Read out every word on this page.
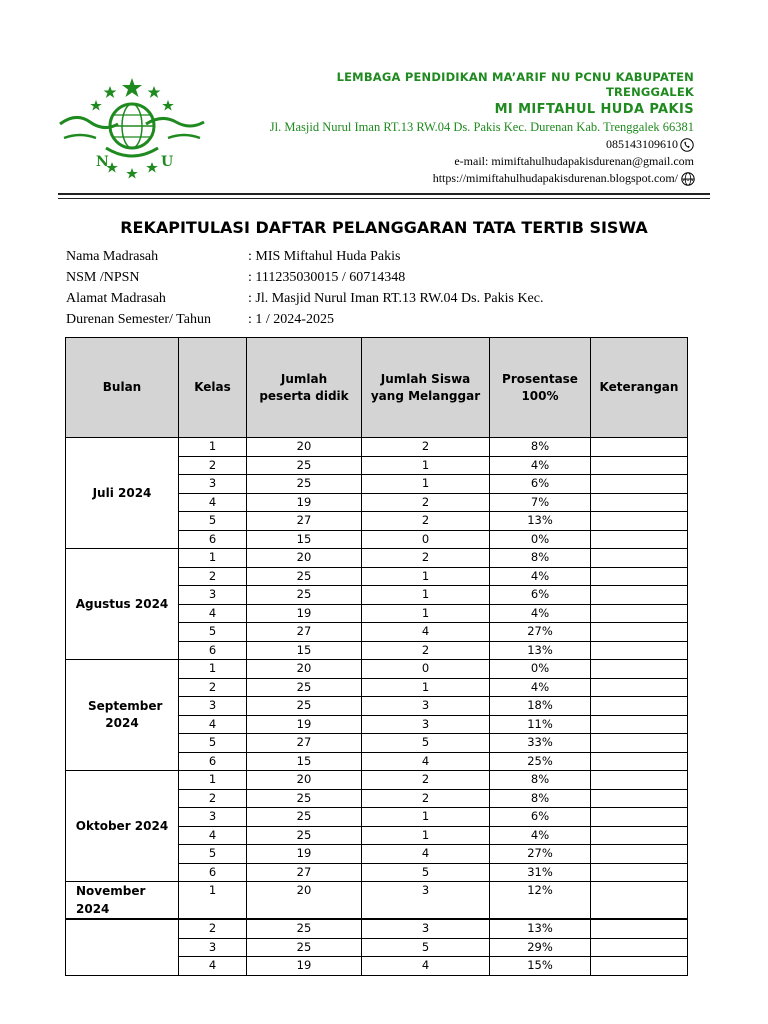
N	U
LEMBAGA PENDIDIKAN MA’ARIF NU PCNU KABUPATEN
TRENGGALEK
MI MIFTAHUL HUDA PAKIS
Jl. Masjid Nurul Iman RT.13 RW.04 Ds. Pakis Kec. Durenan Kab. Trenggalek 66381
085143109610
e-mail: mimiftahulhudapakisdurenan@gmail.com
https://mimiftahulhudapakisdurenan.blogspot.com/ www
REKAPITULASI DAFTAR PELANGGARAN TATA TERTIB SISWA
Nama Madrasah	: MIS Miftahul Huda Pakis
NSM /NPSN	: 111235030015 / 60714348
Alamat Madrasah	: Jl. Masjid Nurul Iman RT.13 RW.04 Ds. Pakis Kec.
Durenan Semester/ Tahun	: 1 / 2024-2025
Bulan	Kelas	Jumlah peserta didik	Jumlah Siswa yang Melanggar	Prosentase 100%	Keterangan
Juli 2024	1	20	2	8%	
	2	25	1	4%	
	3	25	1	6%	
	4	19	2	7%	
	5	27	2	13%	
	6	15	0	0%	
Agustus 2024	1	20	2	8%	
	2	25	1	4%	
	3	25	1	6%	
	4	19	1	4%	
	5	27	4	27%	
	6	15	2	13%	
September 2024	1	20	0	0%	
	2	25	1	4%	
	3	25	3	18%	
	4	19	3	11%	
	5	27	5	33%	
	6	15	4	25%	
Oktober 2024	1	20	2	8%	
	2	25	2	8%	
	3	25	1	6%	
	4	25	1	4%	
	5	19	4	27%	
	6	27	5	31%	
November 2024	1	20	3	12%	
	2	25	3	13%	
	3	25	5	29%	
	4	19	4	15%	
